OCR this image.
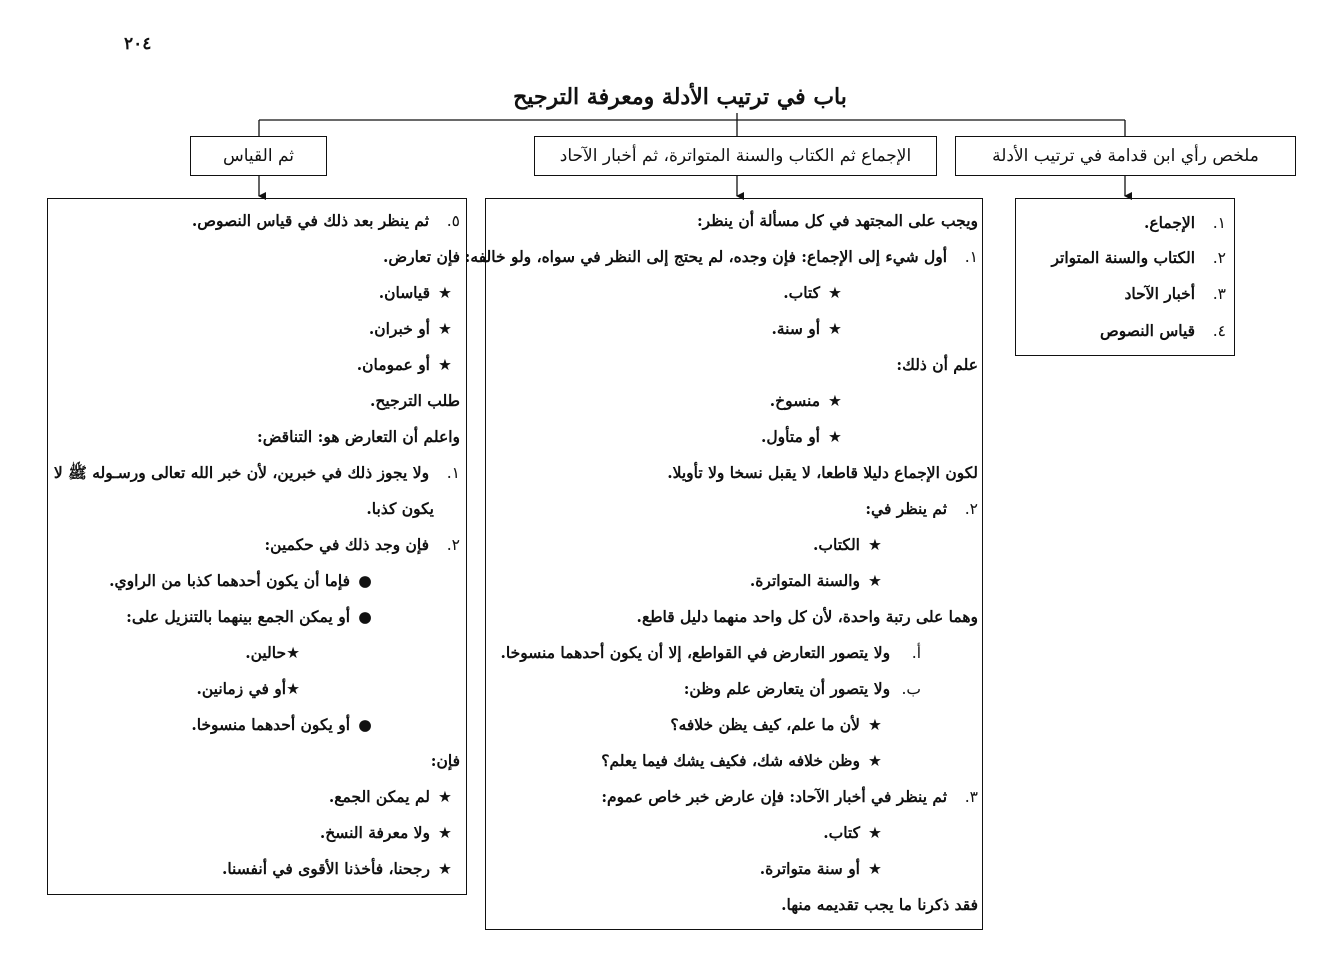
٢٠٤
باب في ترتيب الأدلة ومعرفة الترجيح
ملخص رأي ابن قدامة في ترتيب الأدلة
الإجماع ثم الكتاب والسنة المتواترة، ثم أخبار الآحاد
ثم القياس
١. الإجماع.
٢. الكتاب والسنة المتواتر
٣. أخبار الآحاد
٤. قياس النصوص
ويجب على المجتهد في كل مسألة أن ينظر:
١. أول شيء إلى الإجماع: فإن وجده، لم يحتج إلى النظر في سواه، ولو خالفه:
★كتاب.
★أو سنة.
علم أن ذلك:
★منسوخ.
★أو متأول.
لكون الإجماع دليلا قاطعا، لا يقبل نسخا ولا تأويلا.
٢. ثم ينظر في:
★الكتاب.
★والسنة المتواترة.
وهما على رتبة واحدة، لأن كل واحد منهما دليل قاطع.
أ. ولا يتصور التعارض في القواطع، إلا أن يكون أحدهما منسوخا.
ب. ولا يتصور أن يتعارض علم وظن:
★لأن ما علم، كيف يظن خلافه؟
★وظن خلافه شك، فكيف يشك فيما يعلم؟
٣. ثم ينظر في أخبار الآحاد: فإن عارض خبر خاص عموم:
★كتاب.
★أو سنة متواترة.
فقد ذكرنا ما يجب تقديمه منها.
٥. ثم ينظر بعد ذلك في قياس النصوص.
فإن تعارض.
★قياسان.
★أو خبران.
★أو عمومان.
طلب الترجيح.
واعلم أن التعارض هو: التناقض:
١. ولا يجوز ذلك في خبرين، لأن خبر الله تعالى ورسـوله ﷺ لا
يكون كذبا.
٢. فإن وجد ذلك في حكمين:
●فإما أن يكون أحدهما كذبا من الراوي.
●أو يمكن الجمع بينهما بالتنزيل على:
★حالين.
★أو في زمانين.
●أو يكون أحدهما منسوخا.
فإن:
★لم يمكن الجمع.
★ولا معرفة النسخ.
★رجحنا، فأخذنا الأقوى في أنفسنا.
